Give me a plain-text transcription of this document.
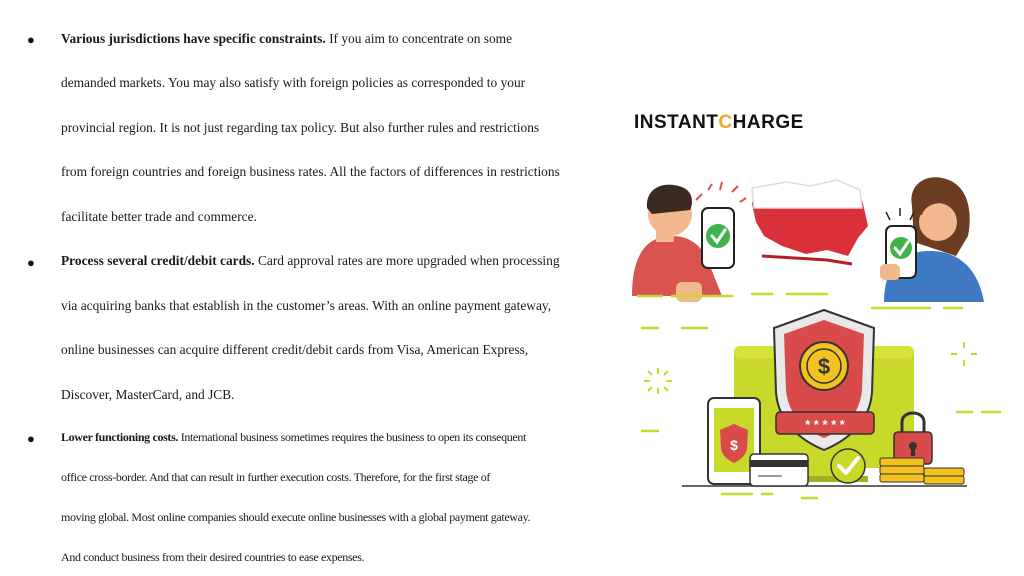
● Various jurisdictions have specific constraints. If you aim to concentrate on some
demanded markets. You may also satisfy with foreign policies as corresponded to your
provincial region. It is not just regarding tax policy. But also further rules and restrictions
from foreign countries and foreign business rates. All the factors of differences in restrictions
facilitate better trade and commerce.
● Process several credit/debit cards. Card approval rates are more upgraded when processing
via acquiring banks that establish in the customer’s areas. With an online payment gateway,
online businesses can acquire different credit/debit cards from Visa, American Express,
Discover, MasterCard, and JCB.
● Lower functioning costs. International business sometimes requires the business to open its consequent
office cross-border. And that can result in further execution costs. Therefore, for the first stage of
moving global. Most online companies should execute online businesses with a global payment gateway.
And conduct business from their desired countries to ease expenses.
INSTANTCHARGE
$
* * * * *
$
